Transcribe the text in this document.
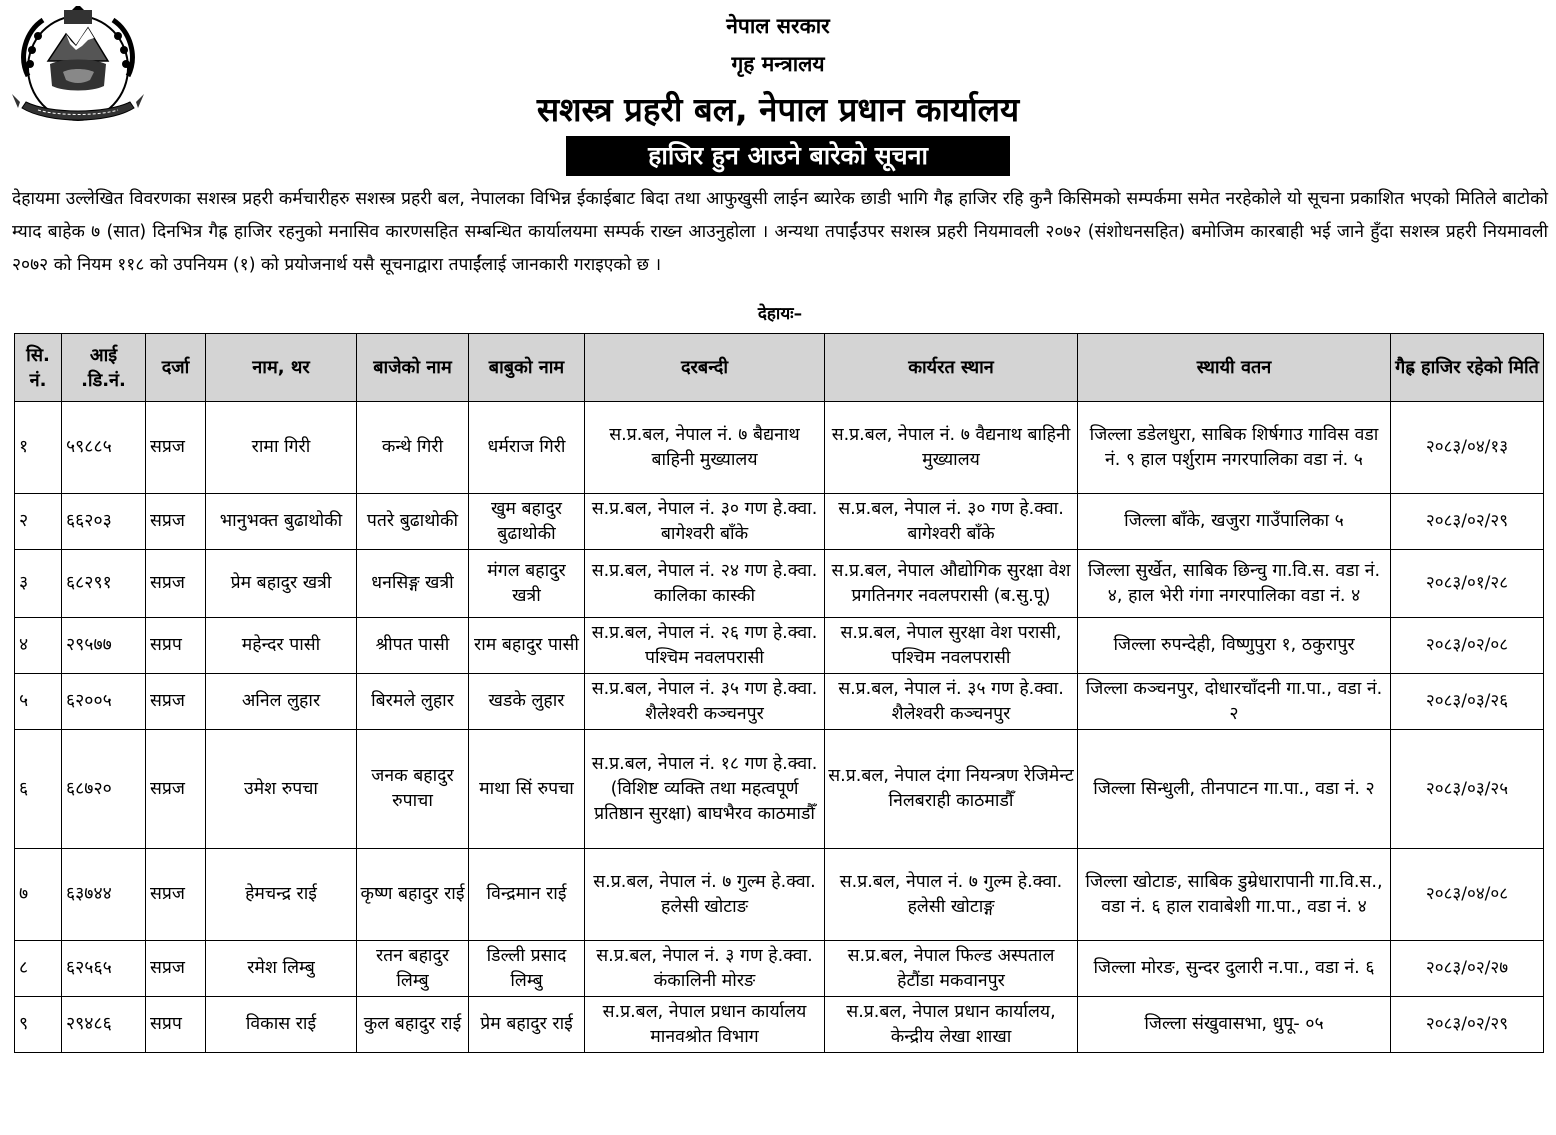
नेपाल सरकार
गृह मन्त्रालय
सशस्त्र प्रहरी बल, नेपाल प्रधान कार्यालय
हाजिर हुन आउने बारेको सूचना
देहायमा उल्लेखित विवरणका सशस्त्र प्रहरी कर्मचारीहरु सशस्त्र प्रहरी बल, नेपालका विभिन्न ईकाईबाट बिदा तथा आफुखुसी लाईन ब्यारेक छाडी भागि गैह्र हाजिर रहि कुनै किसिमको सम्पर्कमा समेत नरहेकोले यो सूचना प्रकाशित भएको मितिले बाटोको म्याद बाहेक ७ (सात) दिनभित्र गैह्र हाजिर रहनुको मनासिव कारणसहित सम्बन्धित कार्यालयमा सम्पर्क राख्न आउनुहोला । अन्यथा तपाईंउपर सशस्त्र प्रहरी नियमावली २०७२ (संशोधनसहित) बमोजिम कारबाही भई जाने हुँदा सशस्त्र प्रहरी नियमावली २०७२ को नियम ११८ को उपनियम (१) को प्रयोजनार्थ यसै सूचनाद्वारा तपाईंलाई जानकारी गराइएको छ ।
देहायः–
सि. नं.	आई .डि.नं.	दर्जा	नाम, थर	बाजेको नाम	बाबुको नाम	दरबन्दी	कार्यरत स्थान	स्थायी वतन	गैह्र हाजिर रहेको मिति
१	५९८८५	सप्रज	रामा गिरी	कन्थे गिरी	धर्मराज गिरी	स.प्र.बल, नेपाल नं. ७ बैद्यनाथ बाहिनी मुख्यालय	स.प्र.बल, नेपाल नं. ७ वैद्यनाथ बाहिनी मुख्यालय	जिल्ला डडेलधुरा, साबिक शिर्षगाउ गाविस वडा नं. ९ हाल पर्शुराम नगरपालिका वडा नं. ५	२०८३/०४/१३
२	६६२०३	सप्रज	भानुभक्त बुढाथोकी	पतरे बुढाथोकी	खुम बहादुर बुढाथोकी	स.प्र.बल, नेपाल नं. ३० गण हे.क्वा. बागेश्वरी बाँके	स.प्र.बल, नेपाल नं. ३० गण हे.क्वा. बागेश्वरी बाँके	जिल्ला बाँके, खजुरा गाउँपालिका ५	२०८३/०२/२९
३	६८२९१	सप्रज	प्रेम बहादुर खत्री	धनसिङ्ग खत्री	मंगल बहादुर खत्री	स.प्र.बल, नेपाल नं. २४ गण हे.क्वा. कालिका कास्की	स.प्र.बल, नेपाल औद्योगिक सुरक्षा वेश प्रगतिनगर नवलपरासी (ब.सु.पू)	जिल्ला सुर्खेत, साबिक छिन्चु गा.वि.स. वडा नं. ४, हाल भेरी गंगा नगरपालिका वडा नं. ४	२०८३/०१/२८
४	२९५७७	सप्रप	महेन्दर पासी	श्रीपत पासी	राम बहादुर पासी	स.प्र.बल, नेपाल नं. २६ गण हे.क्वा. पश्चिम नवलपरासी	स.प्र.बल, नेपाल सुरक्षा वेश परासी, पश्चिम नवलपरासी	जिल्ला रुपन्देही, विष्णुपुरा १, ठकुरापुर	२०८३/०२/०८
५	६२००५	सप्रज	अनिल लुहार	बिरमले लुहार	खडके लुहार	स.प्र.बल, नेपाल नं. ३५ गण हे.क्वा. शैलेश्वरी कञ्चनपुर	स.प्र.बल, नेपाल नं. ३५ गण हे.क्वा. शैलेश्वरी कञ्चनपुर	जिल्ला कञ्चनपुर, दोधारचाँदनी गा.पा., वडा नं. २	२०८३/०३/२६
६	६८७२०	सप्रज	उमेश रुपचा	जनक बहादुर रुपाचा	माथा सिं रुपचा	स.प्र.बल, नेपाल नं. १८ गण हे.क्वा. (विशिष्ट व्यक्ति तथा महत्वपूर्ण प्रतिष्ठान सुरक्षा) बाघभैरव काठमाडौँ	स.प्र.बल, नेपाल दंगा नियन्त्रण रेजिमेन्ट निलबराही काठमाडौँ	जिल्ला सिन्धुली, तीनपाटन गा.पा., वडा नं. २	२०८३/०३/२५
७	६३७४४	सप्रज	हेमचन्द्र राई	कृष्ण बहादुर राई	विन्द्रमान राई	स.प्र.बल, नेपाल नं. ७ गुल्म हे.क्वा. हलेसी खोटाङ	स.प्र.बल, नेपाल नं. ७ गुल्म हे.क्वा. हलेसी खोटाङ्ग	जिल्ला खोटाङ, साबिक डुम्रेधारापानी गा.वि.स., वडा नं. ६ हाल रावाबेशी गा.पा., वडा नं. ४	२०८३/०४/०८
८	६२५६५	सप्रज	रमेश लिम्बु	रतन बहादुर लिम्बु	डिल्ली प्रसाद लिम्बु	स.प्र.बल, नेपाल नं. ३ गण हे.क्वा. कंकालिनी मोरङ	स.प्र.बल, नेपाल फिल्ड अस्पताल हेटौंडा मकवानपुर	जिल्ला मोरङ, सुन्दर दुलारी न.पा., वडा नं. ६	२०८३/०२/२७
९	२९४८६	सप्रप	विकास राई	कुल बहादुर राई	प्रेम बहादुर राई	स.प्र.बल, नेपाल प्रधान कार्यालय मानवश्रोत विभाग	स.प्र.बल, नेपाल प्रधान कार्यालय, केन्द्रीय लेखा शाखा	जिल्ला संखुवासभा, धुपू- ०५	२०८३/०२/२९
